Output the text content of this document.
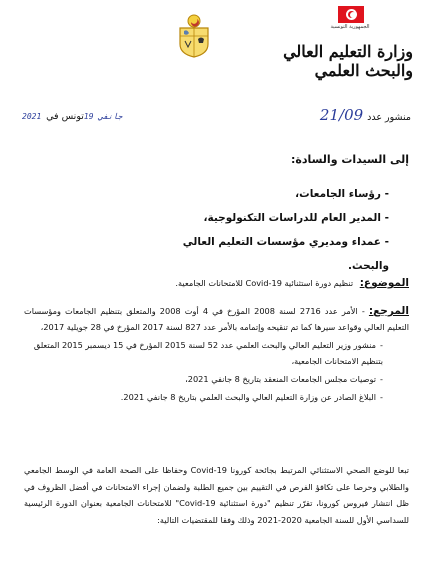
الجمهورية التونسية
وزارة التعليم العالي
والبحث العلمي
2021 جانفي 19تونس في	21/09 منشور عدد
إلى السيدات والسادة:
- رؤساء الجامعات،
- المدير العام للدراسات التكنولوجية،
- عمداء ومديري مؤسسات التعليم العالي والبحث.
الموضوع: تنظيم دورة استثنائية Covid-19 للامتحانات الجامعية.
المرجع: - الأمر عدد 2716 لسنة 2008 المؤرخ في 4 أوت 2008 والمتعلق بتنظيم الجامعات ومؤسسات التعليم العالي وقواعد سيرها كما تم تنقيحه وإتمامه بالأمر عدد 827 لسنة 2017 المؤرخ في 28 جويلية 2017،
-منشور وزير التعليم العالي والبحث العلمي عدد 52 لسنة 2015 المؤرخ في 15 ديسمبر 2015 المتعلق بتنظيم الامتحانات الجامعية،
-توصيات مجلس الجامعات المنعقد بتاريخ 8 جانفي 2021،
-البلاغ الصادر عن وزارة التعليم العالي والبحث العلمي بتاريخ 8 جانفي 2021.
تبعا للوضع الصحي الاستثنائي المرتبط بجائحة كورونا Covid-19 وحفاظا على الصحة العامة في الوسط الجامعي والطلابي وحرصا على تكافؤ الفرص في التقييم بين جميع الطلبة ولضمان إجراء الامتحانات في أفضل الظروف في ظل انتشار فيروس كورونا، تقرّر تنظيم "دورة استثنائية Covid-19" للامتحانات الجامعية بعنوان الدورة الرئيسية للسداسي الأول للسنة الجامعية 2020-2021 وذلك وفقا للمقتضيات التالية:
